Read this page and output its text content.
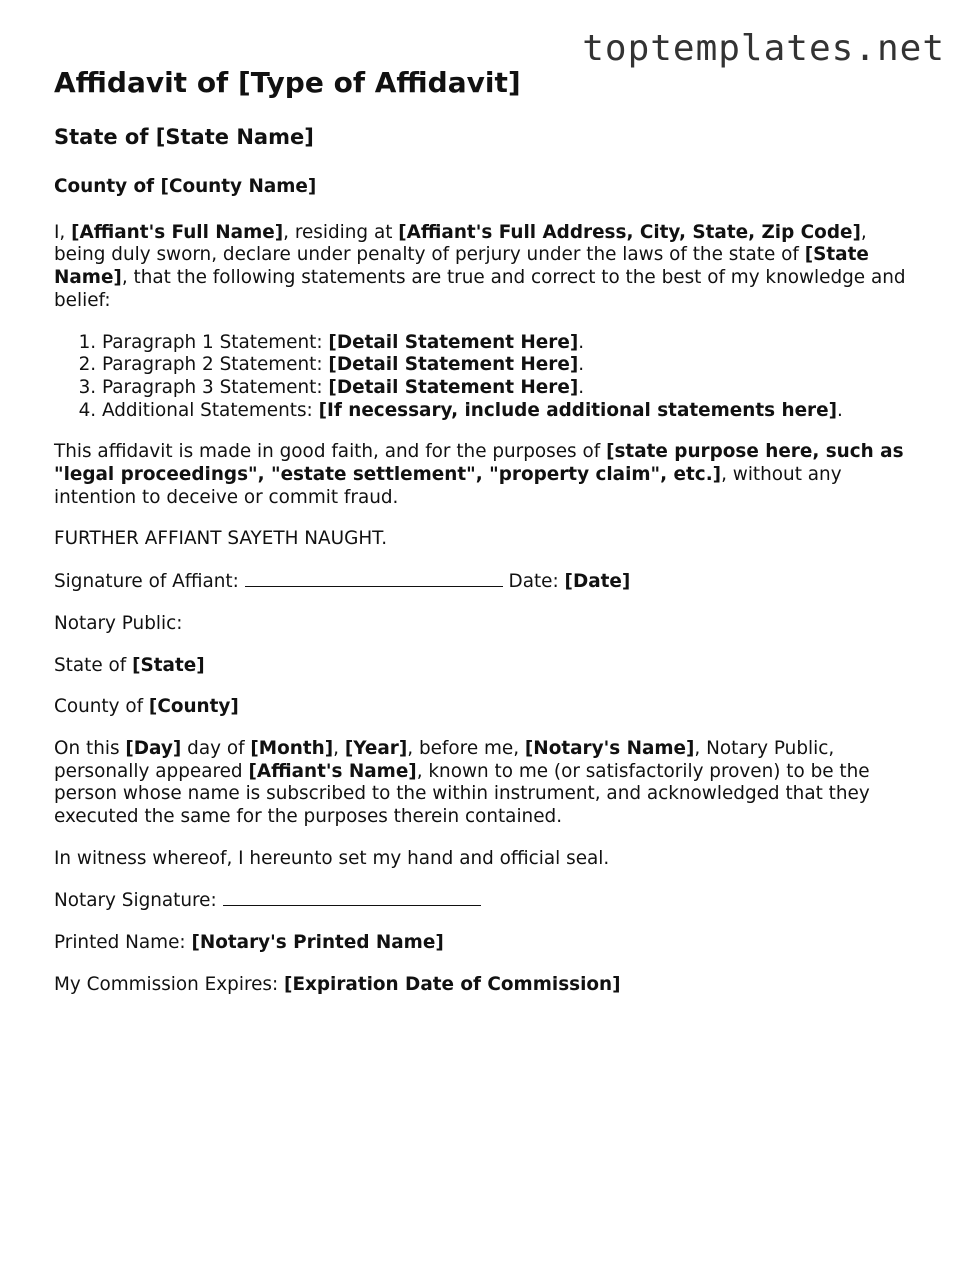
toptemplates.net
Affidavit of [Type of Affidavit]
State of [State Name]
County of [County Name]

I, [Affiant's Full Name], residing at [Affiant's Full Address, City, State, Zip Code], being duly sworn, declare under penalty of perjury under the laws of the state of [State Name], that the following statements are true and correct to the best of my knowledge and belief:

1. Paragraph 1 Statement: [Detail Statement Here].
2. Paragraph 2 Statement: [Detail Statement Here].
3. Paragraph 3 Statement: [Detail Statement Here].
4. Additional Statements: [If necessary, include additional statements here].

This affidavit is made in good faith, and for the purposes of [state purpose here, such as "legal proceedings", "estate settlement", "property claim", etc.], without any intention to deceive or commit fraud.

FURTHER AFFIANT SAYETH NAUGHT.

Signature of Affiant:	Date: [Date]

Notary Public:

State of [State]

County of [County]

On this [Day] day of [Month], [Year], before me, [Notary's Name], Notary Public, personally appeared [Affiant's Name], known to me (or satisfactorily proven) to be the person whose name is subscribed to the within instrument, and acknowledged that they executed the same for the purposes therein contained.

In witness whereof, I hereunto set my hand and official seal.

Notary Signature:

Printed Name: [Notary's Printed Name]

My Commission Expires: [Expiration Date of Commission]
